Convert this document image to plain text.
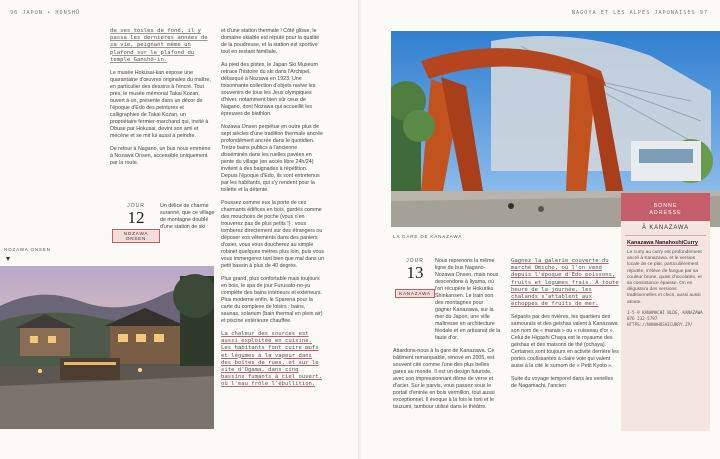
96 JAPON • HONSHŪ

de ses toiles de fond, il y passa les dernières années de sa vie, peignant même un plafond sur le plafond du temple Ganshō-in.

Le musée Hokusai-kan expose une quarantaine d'œuvres originales du maître, en particulier des dessins à l'encre. Tout près, le musée mémorial Takai Kozan, ouvert à un, présente dans un décor de l'époque d'Edo des peintures et calligraphies de Takai Kozan, un propriétaire fermier-marchand qui, invité à Obuse par Hokusai, devint son ami et mécène et se mit lui aussi à peindre.

De retour à Nagano, un bus nous emmène à Nozawa Onsen, accessible uniquement par la route.

JOUR
12
NOZAWA ONSEN
Un délice de charme suranné, que ce village de montagne doublé d'une station de ski
NOZAWA ONSEN

et d'une station thermale ! Côté glisse, le domaine skiable est réputé pour la qualité de la poudreuse, et la station est sportive tout en restant familiale.

Au pied des pistes, le Japan Ski Museum retrace l'histoire du ski dans l'Archipel, débarqué à Nozawa en 1923. Une foisonnante collection d'objets ravive les souvenirs de tous les Jeux olympiques d'hiver, notamment bien sûr ceux de Nagano, dont Nozawa qui accueillit les épreuves de biathlon.

Nozawa Onsen perpétue en outre plus de sept siècles d'une tradition thermale ancrée profondément ancrée dans le quotidien. Treize bains publics à l'ancienne disséminés dans les ruelles pavées en pente du village (en accès libre 24h/24) invitent à des baignades à répétition. Depuis l'époque d'Edo, ils sont entretenus par les habitants, qui s'y rendent pour la toilette et la détente.

Poussez comme eux la porte de ces charmants édifices en bois, gardés comme des mouchoirs de poche (vous n'en trouverez pas de plus petits !) : vous tomberez directement sur des étrangers ou déposer vos vêtements dans des paniers d'osier, vous vous doucherez au simple robinet quelques mètres plus loin, puis vous vous immergerez tant bien que mal dans un petit bassin à plus de 40 degrés.

Plus grand, plus confortable mais toujours en bois, le spa de jour Furusato-no-yu complète des bains intérieurs et extérieurs. Plus moderne enfin, le Sparena pour la carte du complexe de loisirs : bains, saunas, solarium (bain thermal en plein air) et piscine extérieure chauffée.

La chaleur des sources est aussi exploitée en cuisine. Les habitants font cuire œufs et légumes à la vapeur dans des boîtes de rues, et sur le site d'Ogama, dans cinq bassins fumants à ciel ouvert, où l'eau frôle l'ébullition.

NAGOYA ET LES ALPES JAPONAISES 97
LA GARE DE KANAZAWA
JOUR
13
KANAZAWA

Nous reprenons la même ligne de bus Nagano-Nozawa Onsen, mais nous descendons à Iiyama, où l'on récupère le Hokuriku Shinkansen. Le train son des montagnes pour gagner Kanazawa, sur la mer du Japon, une ville maîtresse en architecture féodale et en artisanat de la faute d'or.

Attardons-nous à la gare de Kanazawa. Ce bâtiment remarquable, rénové en 2005, est souvent cité comme l'une des plus belles gares au monde. Il est un design futuriste, avec son impressionnant dôme de verre et d'acier. Sur le parvis, vous passez sous le portail d'entrée en bois vermillon, tout aussi exceptionnel. Il évoque à la fois le torii et le tsuzumi, tambour utilisé dans le théâtre.

Gagnez la galerie couverte du marché Omicho, où l'on vend depuis l'époque d'Edo poissons, fruits et légumes frais. À toute heure de la journée, les chalands s'attablent aux échoppes de fruits de mer.

Séparés par des rivières, les quartiers des samouraïs et des geishas valent à Kanazawa son nom de « marais » ou « ruisseau d'or ». Celui de Higashi Chaya est le royaume des geishas et des maisons de thé (ochaya). Certaines sont toujours en activité derrière les portes coulissantes à claire voie qui valent aussi à la cité le surnom de « Petit Kyoto ».

Suite du voyage temporel dans les venelles de Nagamachi, l'ancien

BONNE
ADRESSE
À KANAZAWA
Kanazawa NanahoshiCurry
Le curry au curry est profondément ancré à Kanazawa, et le version locale de ce plat, particulièrement réputée, s'élève de fangue par sa couleur brune, quasi chocolatée, et sa consistance épaisse. On en dégustera des versions traditionnelles et chics, aussi aussi atoute.
1-5-9 KANAMACHI BLDG, KANAZAWA
076 232-5797
HTTPS://NANAHOSHICURRY.JP/
